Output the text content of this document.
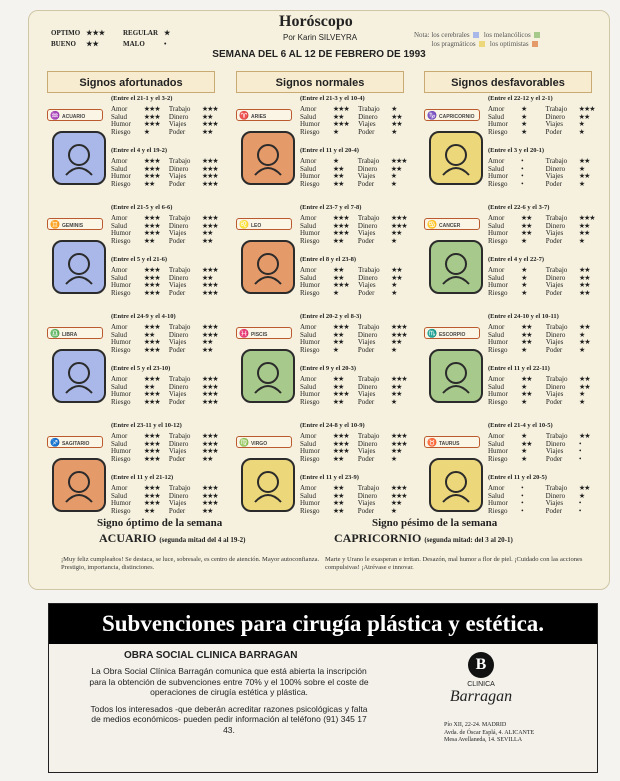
OPTIMO	★★★
BUENO	★★
REGULAR	★
MALO	•
Horóscopo
Por Karin SILVEYRA	Nota: los cerebrales los melancólicos
los pragmáticos los optimistas
SEMANA DEL 6 AL 12 DE FEBRERO DE 1993
Signos afortunados	Signos normales	Signos desfavorables
♒ ACUARIO
(Entre el 21-1 y el 3-2)
Amor	★★★	Trabajo	★★★
Salud	★★★	Dinero	★★
Humor	★★★	Viajes	★★★
Riesgo	★	Poder	★★
(Entre el 4 y el 19-2)
Amor	★★★	Trabajo	★★★
Salud	★★★	Dinero	★★★
Humor	★★★	Viajes	★★★
Riesgo	★★	Poder	★★★
♈ ARIES
(Entre el 21-3 y el 10-4)
Amor	★★★	Trabajo	★
Salud	★★	Dinero	★★
Humor	★★★	Viajes	★★
Riesgo	★	Poder	★
(Entre el 11 y el 20-4)
Amor	★	Trabajo	★★★
Salud	★★	Dinero	★★
Humor	★★	Viajes	★
Riesgo	★★	Poder	★
♑ CAPRICORNIO
(Entre el 22-12 y el 2-1)
Amor	★	Trabajo	★★★
Salud	★	Dinero	★★
Humor	★	Viajes	★
Riesgo	★	Poder	★
(Entre el 3 y el 20-1)
Amor	•	Trabajo	★★
Salud	•	Dinero	★
Humor	•	Viajes	★★
Riesgo	•	Poder	★
♊ GEMINIS
(Entre el 21-5 y el 6-6)
Amor	★★★	Trabajo	★★★
Salud	★★★	Dinero	★★★
Humor	★★★	Viajes	★★
Riesgo	★★	Poder	★★
(Entre el 5 y el 21-6)
Amor	★★★	Trabajo	★★★
Salud	★★★	Dinero	★★
Humor	★★★	Viajes	★★★
Riesgo	★★★	Poder	★★★
♌ LEO
(Entre el 23-7 y el 7-8)
Amor	★★★	Trabajo	★★★
Salud	★★★	Dinero	★★★
Humor	★★★	Viajes	★★
Riesgo	★★	Poder	★
(Entre el 8 y el 23-8)
Amor	★★	Trabajo	★★
Salud	★★	Dinero	★★
Humor	★★★	Viajes	★
Riesgo	★	Poder	★
♋ CANCER
(Entre el 22-6 y el 3-7)
Amor	★★	Trabajo	★★★
Salud	★★	Dinero	★★
Humor	★★	Viajes	★★
Riesgo	★	Poder	★
(Entre el 4 y el 22-7)
Amor	★	Trabajo	★★
Salud	★	Dinero	★★
Humor	★	Viajes	★★
Riesgo	★	Poder	★★
♎ LIBRA
(Entre el 24-9 y el 4-10)
Amor	★★★	Trabajo	★★★
Salud	★★	Dinero	★★★
Humor	★★★	Viajes	★★
Riesgo	★★★	Poder	★★
(Entre el 5 y el 23-10)
Amor	★★★	Trabajo	★★★
Salud	★★	Dinero	★★★
Humor	★★★	Viajes	★★★
Riesgo	★★★	Poder	★★★
♓ PISCIS
(Entre el 20-2 y el 8-3)
Amor	★★★	Trabajo	★★★
Salud	★★	Dinero	★★★
Humor	★★	Viajes	★★
Riesgo	★	Poder	★
(Entre el 9 y el 20-3)
Amor	★★	Trabajo	★★★
Salud	★★	Dinero	★★
Humor	★★★	Viajes	★★
Riesgo	★★	Poder	★
♏ ESCORPIO
(Entre el 24-10 y el 10-11)
Amor	★★	Trabajo	★★
Salud	★★	Dinero	★
Humor	★★	Viajes	★★
Riesgo	★	Poder	★
(Entre el 11 y el 22-11)
Amor	★★	Trabajo	★★
Salud	★	Dinero	★★
Humor	★★	Viajes	★
Riesgo	★	Poder	★
♐ SAGITARIO
(Entre el 23-11 y el 10-12)
Amor	★★★	Trabajo	★★★
Salud	★★★	Dinero	★★★
Humor	★★★	Viajes	★★★
Riesgo	★★★	Poder	★★
(Entre el 11 y el 21-12)
Amor	★★★	Trabajo	★★★
Salud	★★★	Dinero	★★★
Humor	★★★	Viajes	★★★
Riesgo	★★	Poder	★★
♍ VIRGO
(Entre el 24-8 y el 10-9)
Amor	★★★	Trabajo	★★★
Salud	★★★	Dinero	★★★
Humor	★★★	Viajes	★★
Riesgo	★★	Poder	★
(Entre el 11 y el 23-9)
Amor	★★	Trabajo	★★★
Salud	★★	Dinero	★★★
Humor	★★	Viajes	★★
Riesgo	★★	Poder	★
♉ TAURUS
(Entre el 21-4 y el 10-5)
Amor	★	Trabajo	★★
Salud	★★	Dinero	•
Humor	★	Viajes	•
Riesgo	★	Poder	•
(Entre el 11 y el 20-5)
Amor	•	Trabajo	★★
Salud	•	Dinero	★
Humor	•	Viajes	•
Riesgo	•	Poder	•
Signo óptimo de la semana
ACUARIO (segunda mitad del 4 al 19-2)
¡Muy feliz cumpleaños! Se destaca, se luce, sobresale, es centro de atención. Mayor autoconfianza. Prestigio, importancia, distinciones.
Signo pésimo de la semana
CAPRICORNIO (segunda mitad: del 3 al 20-1)
Marte y Urano le exasperan e irritan. Desazón, mal humor a flor de piel. ¡Cuidado con las acciones compulsivas! ¡Atrévase e innovar.
Subvenciones para cirugía plástica y estética.
OBRA SOCIAL CLINICA BARRAGAN

La Obra Social Clínica Barragán comunica que está abierta la inscripción para la obtención de subvenciones entre 70% y el 100% sobre el coste de operaciones de cirugía estética y plástica.

Todos los interesados -que deberán acreditar razones psicológicas y falta de medios económicos- pueden pedir información al teléfono (91) 345 17 43.

B
CLINICA
Barragan
Pío XII, 22-24. MADRID
Avda. de Óscar Esplá, 4. ALICANTE
Mesa Avellaneda, 14. SEVILLA
